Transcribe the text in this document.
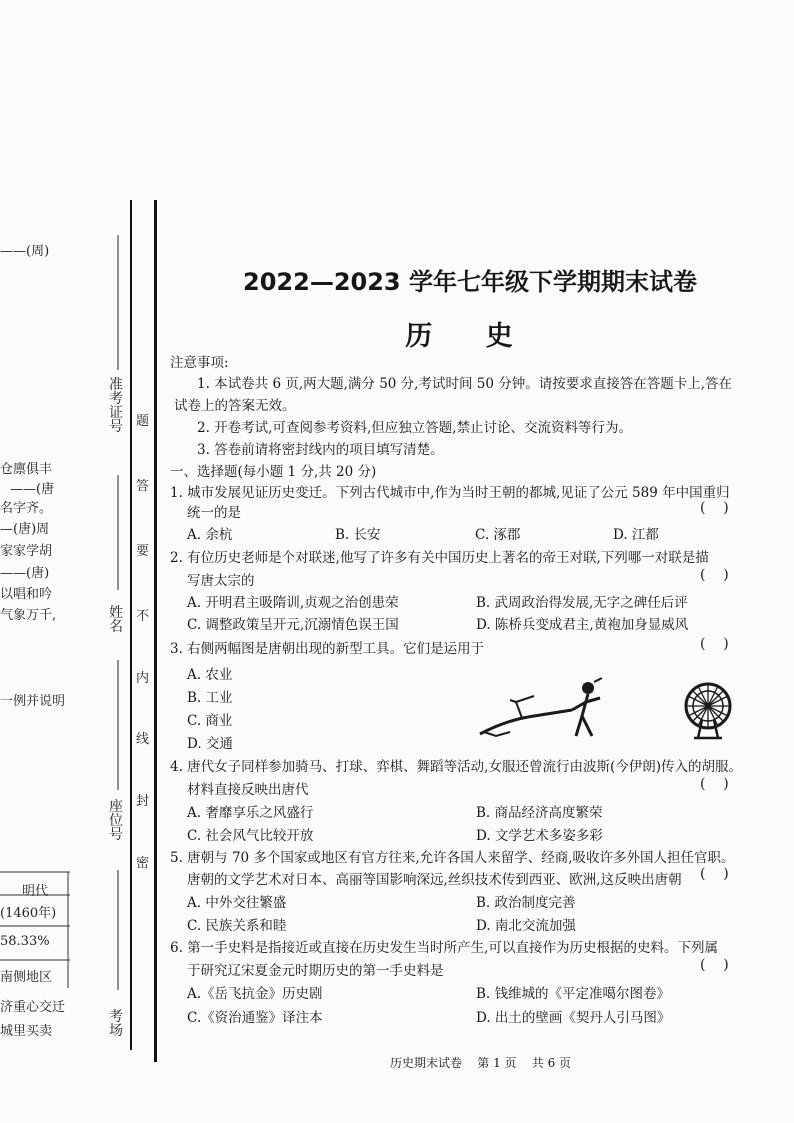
——(周)
仓廪俱丰
——(唐
名字齐。
—(唐)周
家家学胡
——(唐)
以唱和吟
气象万千,
一例并说明
明代
(1460年)
58.33%
南侧地区
济重心交迁
城里买卖
准考证号
姓名
座位号
考场
题
答
要
不
内
线
封
密
2022—2023 学年七年级下学期期末试卷
历 史
注意事项:
1. 本试卷共 6 页,两大题,满分 50 分,考试时间 50 分钟。请按要求直接答在答题卡上,答在
试卷上的答案无效。
2. 开卷考试,可查阅参考资料,但应独立答题,禁止讨论、交流资料等行为。
3. 答卷前请将密封线内的项目填写清楚。
一、选择题(每小题 1 分,共 20 分)
1. 城市发展见证历史变迁。下列古代城市中,作为当时王朝的都城,见证了公元 589 年中国重归
统一的是	(    )
A. 余杭	B. 长安	C. 涿郡	D. 江都
2. 有位历史老师是个对联迷,他写了许多有关中国历史上著名的帝王对联,下列哪一对联是描
写唐太宗的	(    )
A. 开明君主吸隋训,贞观之治创患荣	B. 武周政治得发展,无字之碑任后评
C. 调整政策呈开元,沉溺情色误王国	D. 陈桥兵变成君主,黄袍加身显威风
3. 右侧两幅图是唐朝出现的新型工具。它们是运用于	(    )
A. 农业
B. 工业
C. 商业
D. 交通
4. 唐代女子同样参加骑马、打球、弈棋、舞蹈等活动,女服还曾流行由波斯(今伊朗)传入的胡服。
材料直接反映出唐代	(    )
A. 奢靡享乐之风盛行	B. 商品经济高度繁荣
C. 社会风气比较开放	D. 文学艺术多姿多彩
5. 唐朝与 70 多个国家或地区有官方往来,允许各国人来留学、经商,吸收许多外国人担任官职。
唐朝的文学艺术对日本、高丽等国影响深远,丝织技术传到西亚、欧洲,这反映出唐朝 (    )
A. 中外交往繁盛	B. 政治制度完善
C. 民族关系和睦	D. 南北交流加强
6. 第一手史料是指接近或直接在历史发生当时所产生,可以直接作为历史根据的史料。下列属
于研究辽宋夏金元时期历史的第一手史料是	(    )
A.《岳飞抗金》历史剧	B. 钱维城的《平定准噶尔图卷》
C.《资治通鉴》译注本	D. 出土的壁画《契丹人引马图》
历史期末试卷    第 1 页    共 6 页
